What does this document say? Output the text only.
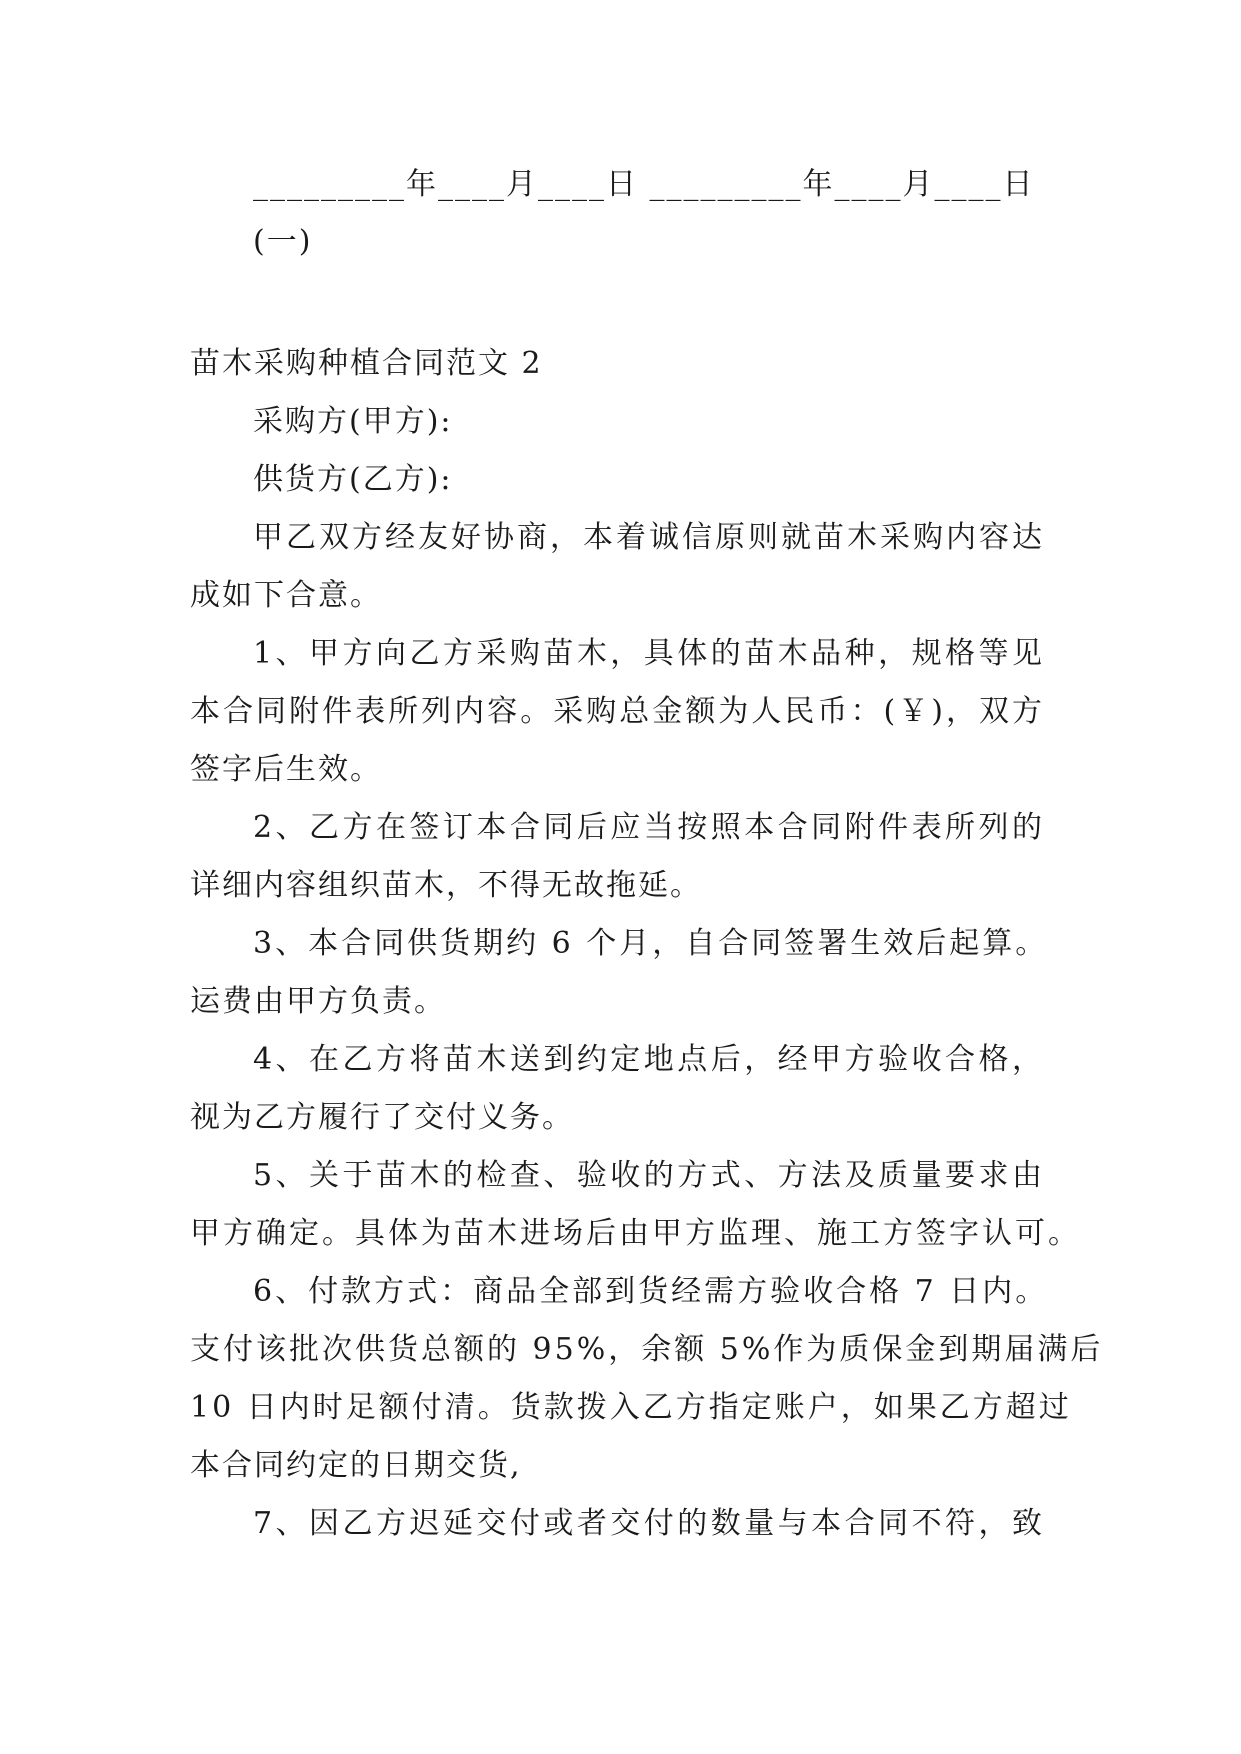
_________年____月____日 _________年____月____日
(一)
苗木采购种植合同范文 2
采购方(甲方):
供货方(乙方):
甲乙双方经友好协商，本着诚信原则就苗木采购内容达
成如下合意。
1、甲方向乙方采购苗木，具体的苗木品种，规格等见
本合同附件表所列内容。采购总金额为人民币：(￥)，双方
签字后生效。
2、乙方在签订本合同后应当按照本合同附件表所列的
详细内容组织苗木，不得无故拖延。
3、本合同供货期约 6 个月，自合同签署生效后起算。
运费由甲方负责。
4、在乙方将苗木送到约定地点后，经甲方验收合格，
视为乙方履行了交付义务。
5、关于苗木的检查、验收的方式、方法及质量要求由
甲方确定。具体为苗木进场后由甲方监理、施工方签字认可。
6、付款方式：商品全部到货经需方验收合格 7 日内。
支付该批次供货总额的 95%，余额 5%作为质保金到期届满后
10 日内时足额付清。货款拨入乙方指定账户，如果乙方超过
本合同约定的日期交货,
7、因乙方迟延交付或者交付的数量与本合同不符，致
